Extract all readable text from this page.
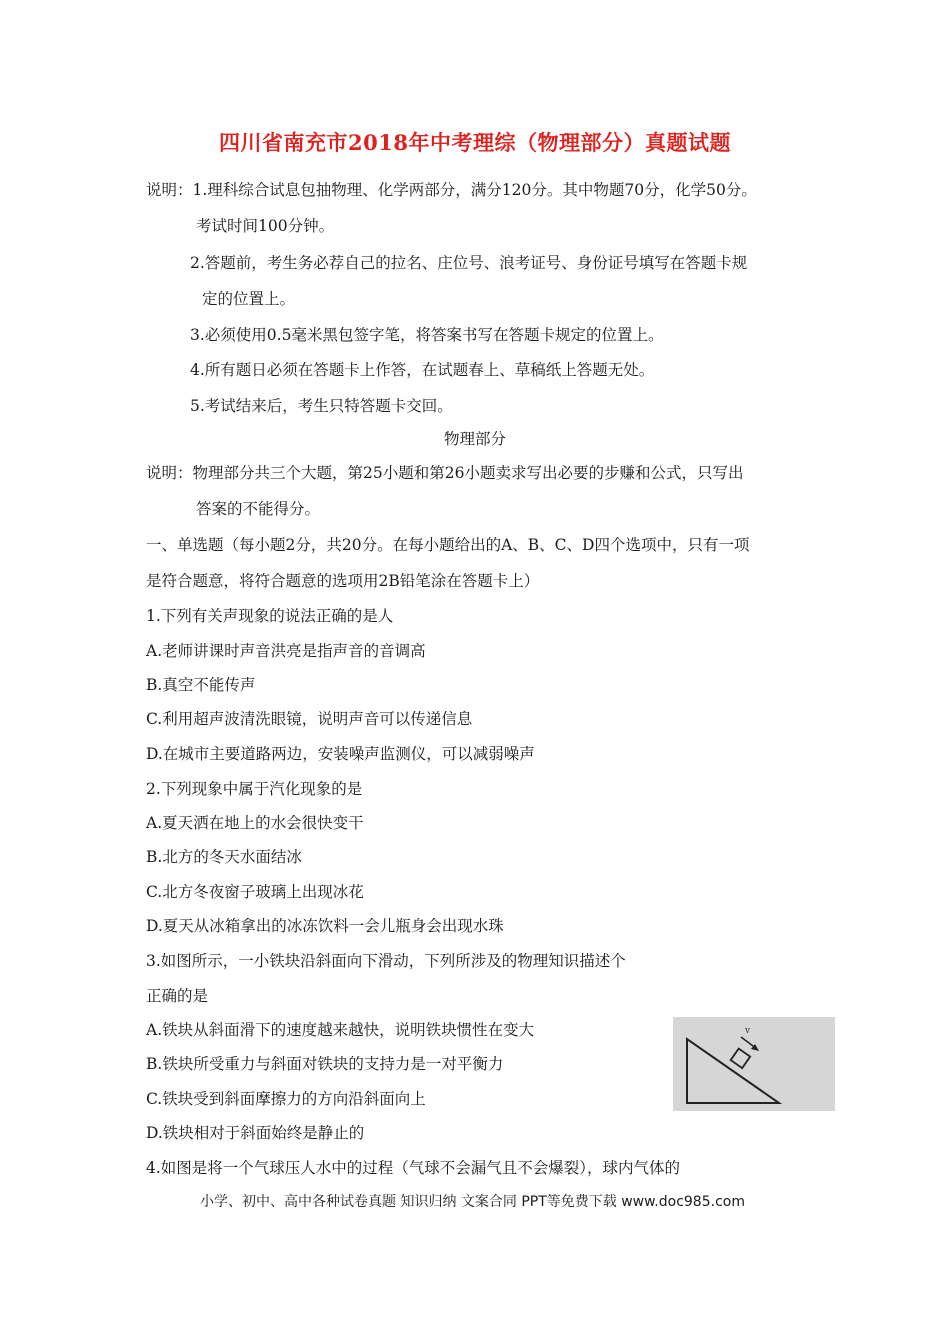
四川省南充市2018年中考理综（物理部分）真题试题
说明：1.理科综合试息包抽物理、化学两部分，满分120分。其中物题70分，化学50分。
考试时间100分钟。
2.答题前，考生务必荐自己的拉名、庄位号、浪考证号、身份证号填写在答题卡规
定的位置上。
3.必须使用0.5毫米黑包签字笔，将答案书写在答题卡规定的位置上。
4.所有题日必须在答题卡上作答，在试题春上、草稿纸上答题无处。
5.考试结来后，考生只特答题卡交回。
物理部分
说明：物理部分共三个大题，第25小题和第26小题卖求写出必要的步赚和公式，只写出
答案的不能得分。
一、单选题（每小题2分，共20分。在每小题给出的A、B、C、D四个选项中，只有一项
是符合题意，将符合题意的选项用2B铅笔涂在答题卡上）
1.下列有关声现象的说法正确的是人
A.老师讲课时声音洪亮是指声音的音调高
B.真空不能传声
C.利用超声波清洗眼镜，说明声音可以传递信息
D.在城市主要道路两边，安装噪声监测仪，可以减弱噪声
2.下列现象中属于汽化现象的是
A.夏天洒在地上的水会很快变干
B.北方的冬天水面结冰
C.北方冬夜窗子玻璃上出现冰花
D.夏天从冰箱拿出的冰冻饮料一会儿瓶身会出现水珠
3.如图所示，一小铁块沿斜面向下滑动，下列所涉及的物理知识描述个
正确的是
A.铁块从斜面滑下的速度越来越快，说明铁块惯性在变大
B.铁块所受重力与斜面对铁块的支持力是一对平衡力
C.铁块受到斜面摩擦力的方向沿斜面向上
D.铁块相对于斜面始终是静止的
v
4.如图是将一个气球压人水中的过程（气球不会漏气且不会爆裂），球内气体的
小学、初中、高中各种试卷真题 知识归纳 文案合同 PPT等免费下载 www.doc985.com
